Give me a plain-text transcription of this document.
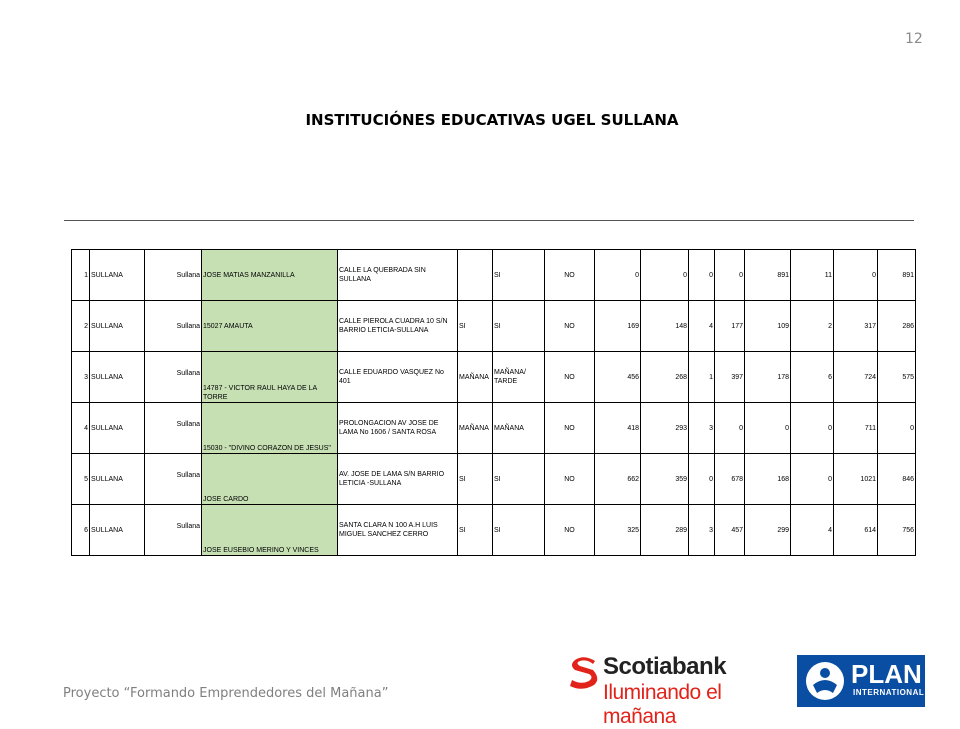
12
INSTITUCIÓNES EDUCATIVAS UGEL SULLANA
1	SULLANA	Sullana	JOSE MATIAS MANZANILLA	CALLE LA QUEBRADA SIN SULLANA		SI	NO	0	0	0	0	891	11	0	891
2	SULLANA	Sullana	15027 AMAUTA	CALLE PIEROLA CUADRA 10 S/N BARRIO LETICIA-SULLANA	SI	SI	NO	169	148	4	177	109	2	317	286
3	SULLANA	Sullana	14787 - VICTOR RAUL HAYA DE LA TORRE	CALLE EDUARDO VASQUEZ No 401	MAÑANA	MAÑANA/ TARDE	NO	456	268	1	397	178	6	724	575
4	SULLANA	Sullana	15030 - "DIVINO CORAZON DE JESUS"	PROLONGACION AV JOSE DE LAMA No 1606 / SANTA ROSA	MAÑANA	MAÑANA	NO	418	293	3	0	0	0	711	0
5	SULLANA	Sullana	JOSE CARDO	AV. JOSE DE LAMA S/N BARRIO LETICIA -SULLANA	SI	SI	NO	662	359	0	678	168	0	1021	846
6	SULLANA	Sullana	JOSE EUSEBIO MERINO Y VINCES	SANTA CLARA N 100 A.H LUIS MIGUEL SANCHEZ CERRO	SI	SI	NO	325	289	3	457	299	4	614	756
Proyecto “Formando Emprendedores del Mañana”
Scotiabank
Iluminando el mañana
PLAN
INTERNATIONAL
